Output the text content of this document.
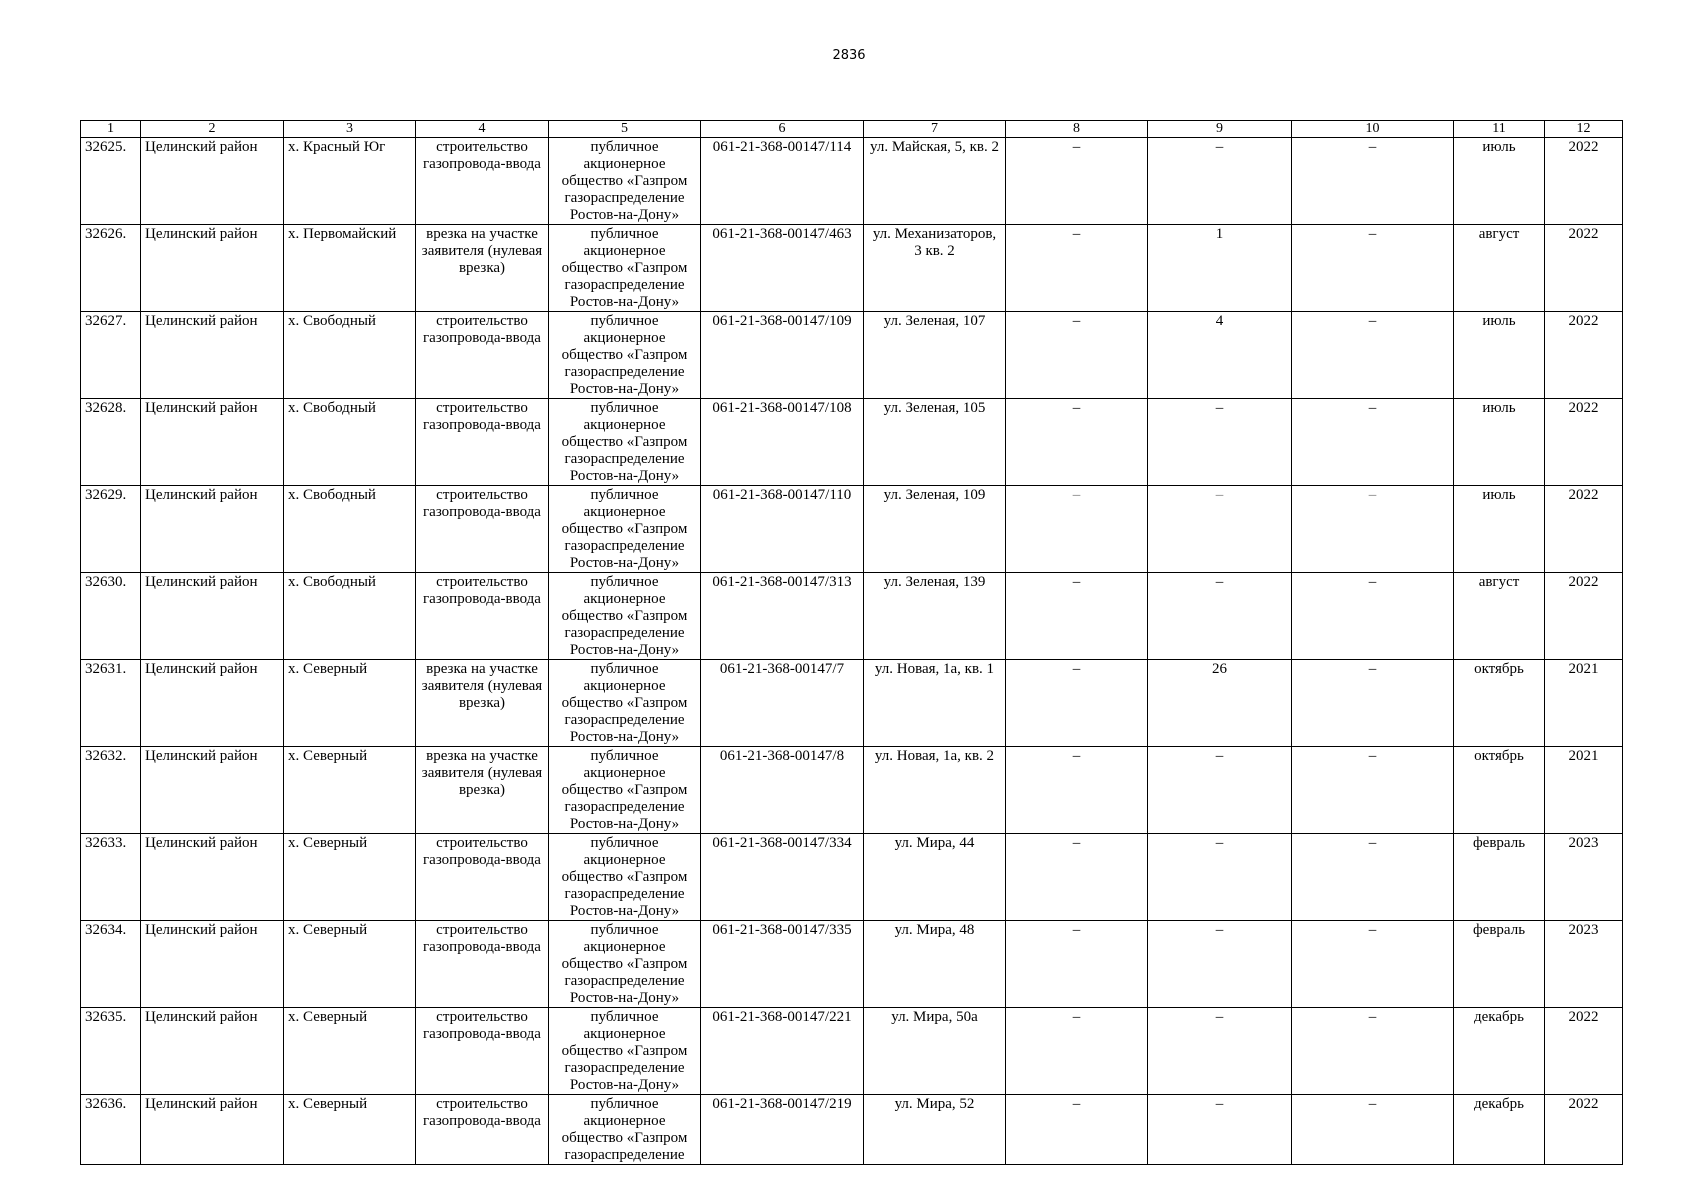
2836
1	2	3	4	5	6	7	8	9	10	11	12
32625.	Целинский район	х. Красный Юг	строительство газопровода-ввода	публичное акционерное общество «Газпром газораспределение Ростов-на-Дону»	061-21-368-00147/114	ул. Майская, 5, кв. 2	–	–	–	июль	2022
32626.	Целинский район	х. Первомайский	врезка на участке заявителя (нулевая врезка)	публичное акционерное общество «Газпром газораспределение Ростов-на-Дону»	061-21-368-00147/463	ул. Механизаторов, 3 кв. 2	–	1	–	август	2022
32627.	Целинский район	х. Свободный	строительство газопровода-ввода	публичное акционерное общество «Газпром газораспределение Ростов-на-Дону»	061-21-368-00147/109	ул. Зеленая, 107	–	4	–	июль	2022
32628.	Целинский район	х. Свободный	строительство газопровода-ввода	публичное акционерное общество «Газпром газораспределение Ростов-на-Дону»	061-21-368-00147/108	ул. Зеленая, 105	–	–	–	июль	2022
32629.	Целинский район	х. Свободный	строительство газопровода-ввода	публичное акционерное общество «Газпром газораспределение Ростов-на-Дону»	061-21-368-00147/110	ул. Зеленая, 109	–	–	–	июль	2022
32630.	Целинский район	х. Свободный	строительство газопровода-ввода	публичное акционерное общество «Газпром газораспределение Ростов-на-Дону»	061-21-368-00147/313	ул. Зеленая, 139	–	–	–	август	2022
32631.	Целинский район	х. Северный	врезка на участке заявителя (нулевая врезка)	публичное акционерное общество «Газпром газораспределение Ростов-на-Дону»	061-21-368-00147/7	ул. Новая, 1а, кв. 1	–	26	–	октябрь	2021
32632.	Целинский район	х. Северный	врезка на участке заявителя (нулевая врезка)	публичное акционерное общество «Газпром газораспределение Ростов-на-Дону»	061-21-368-00147/8	ул. Новая, 1а, кв. 2	–	–	–	октябрь	2021
32633.	Целинский район	х. Северный	строительство газопровода-ввода	публичное акционерное общество «Газпром газораспределение Ростов-на-Дону»	061-21-368-00147/334	ул. Мира, 44	–	–	–	февраль	2023
32634.	Целинский район	х. Северный	строительство газопровода-ввода	публичное акционерное общество «Газпром газораспределение Ростов-на-Дону»	061-21-368-00147/335	ул. Мира, 48	–	–	–	февраль	2023
32635.	Целинский район	х. Северный	строительство газопровода-ввода	публичное акционерное общество «Газпром газораспределение Ростов-на-Дону»	061-21-368-00147/221	ул. Мира, 50а	–	–	–	декабрь	2022
32636.	Целинский район	х. Северный	строительство газопровода-ввода	публичное акционерное общество «Газпром газораспределение	061-21-368-00147/219	ул. Мира, 52	–	–	–	декабрь	2022
